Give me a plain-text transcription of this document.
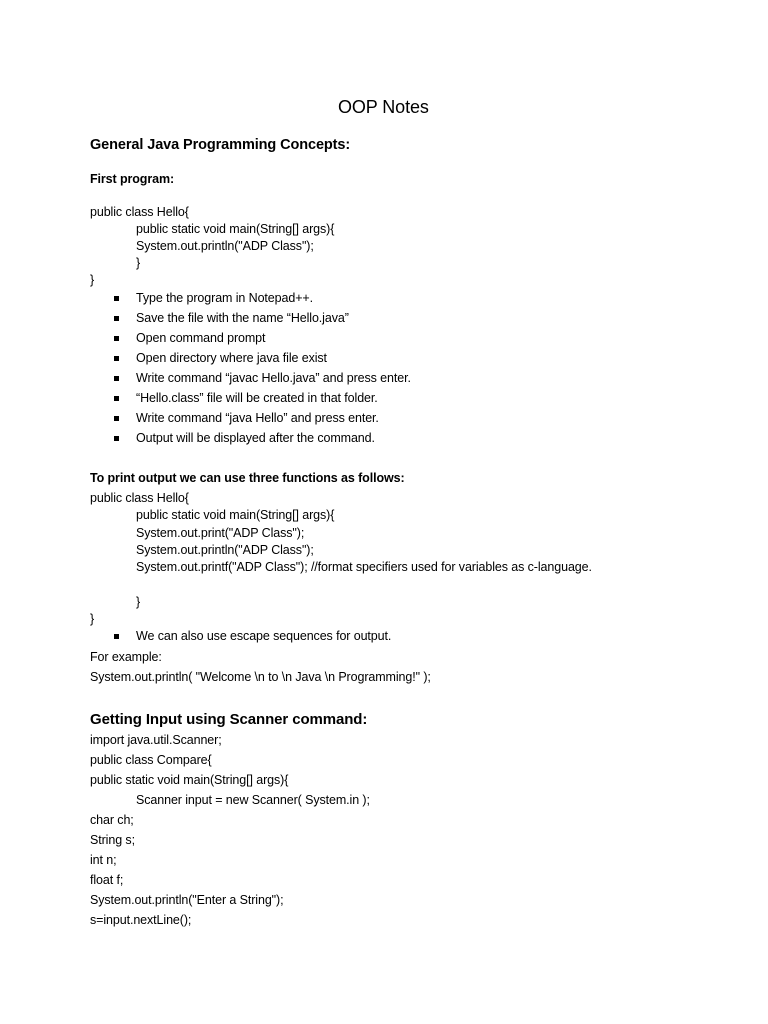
OOP Notes
General Java Programming Concepts:
First program:
public class Hello{
public static void main(String[] args){
System.out.println("ADP Class");
}
}
Type the program in Notepad++.
Save the file with the name “Hello.java”
Open command prompt
Open directory where java file exist
Write command “javac Hello.java” and press enter.
“Hello.class” file will be created in that folder.
Write command “java Hello” and press enter.
Output will be displayed after the command.
To print output we can use three functions as follows:
public class Hello{
public static void main(String[] args){
System.out.print("ADP Class");
System.out.println("ADP Class");
System.out.printf("ADP Class"); //format specifiers used for variables as c-language.
}
}
We can also use escape sequences for output.
For example:
System.out.println( "Welcome \n to \n Java \n Programming!" );
Getting Input using Scanner command:
import java.util.Scanner;
public class Compare{
public static void main(String[] args){
Scanner input = new Scanner( System.in );
char ch;
String s;
int n;
float f;
System.out.println("Enter a String");
s=input.nextLine();
